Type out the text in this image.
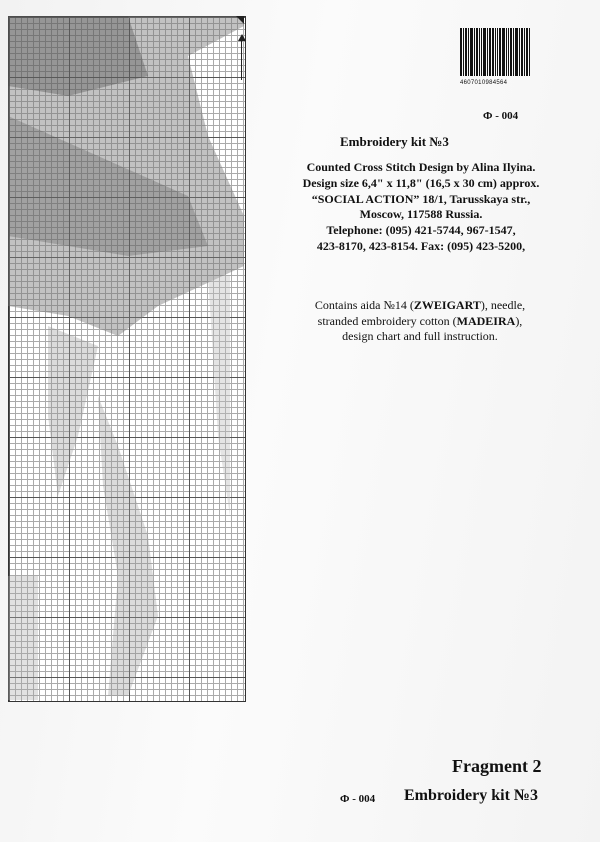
4607010984564
Ф - 004
Embroidery kit №3
Counted Cross Stitch Design by Alina Ilyina.
Design size 6,4" x 11,8" (16,5 x 30 cm) approx.
“SOCIAL ACTION” 18/1, Tarusskaya str.,
Moscow, 117588 Russia.
Telephone: (095) 421-5744, 967-1547,
423-8170, 423-8154. Fax: (095) 423-5200,
Contains aida №14 (ZWEIGART), needle,
stranded embroidery cotton (MADEIRA),
design chart and full instruction.
Fragment 2
Ф - 004 Embroidery kit №3
